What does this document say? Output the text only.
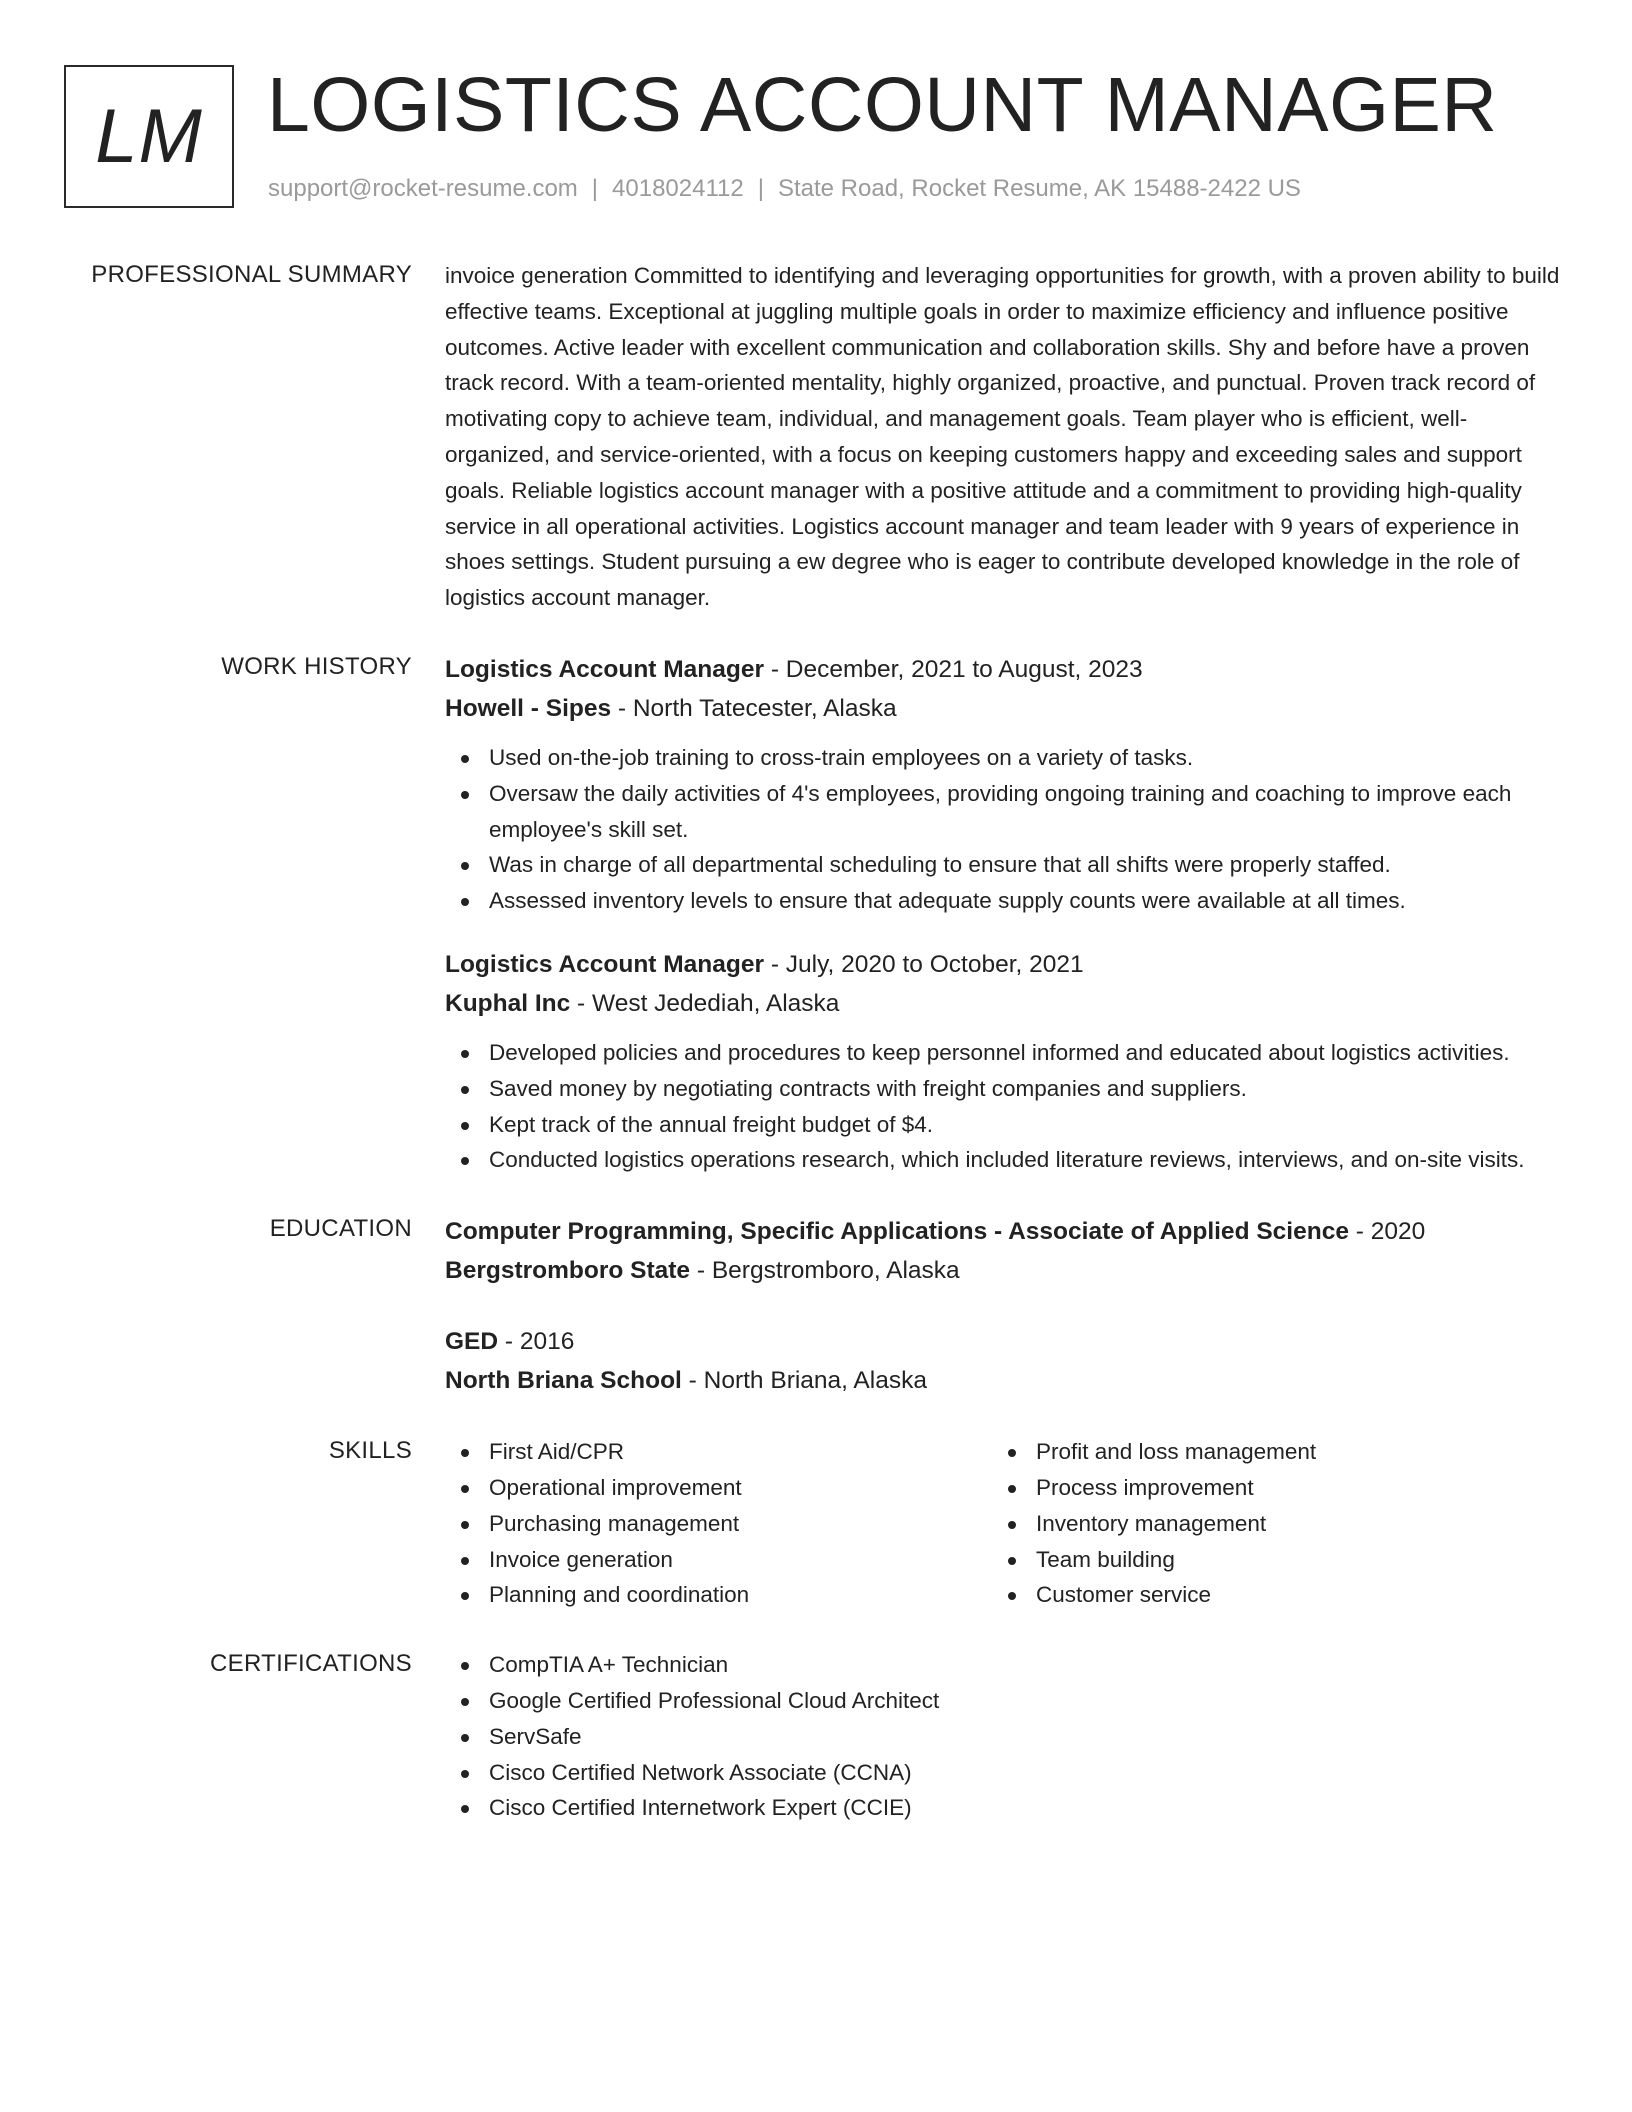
LM LOGISTICS ACCOUNT MANAGER
support@rocket-resume.com | 4018024112 | State Road, Rocket Resume, AK 15488-2422 US
PROFESSIONAL SUMMARY invoice generation Committed to identifying and leveraging opportunities for growth, with a proven ability to build effective teams. Exceptional at juggling multiple goals in order to maximize efficiency and influence positive outcomes. Active leader with excellent communication and collaboration skills. Shy and before have a proven track record. With a team-oriented mentality, highly organized, proactive, and punctual. Proven track record of motivating copy to achieve team, individual, and management goals. Team player who is efficient, well-organized, and service-oriented, with a focus on keeping customers happy and exceeding sales and support goals. Reliable logistics account manager with a positive attitude and a commitment to providing high-quality service in all operational activities. Logistics account manager and team leader with 9 years of experience in shoes settings. Student pursuing a ew degree who is eager to contribute developed knowledge in the role of logistics account manager.
WORK HISTORY Logistics Account Manager - December, 2021 to August, 2023
Howell - Sipes - North Tatecester, Alaska
Used on-the-job training to cross-train employees on a variety of tasks.
Oversaw the daily activities of 4's employees, providing ongoing training and coaching to improve each employee's skill set.
Was in charge of all departmental scheduling to ensure that all shifts were properly staffed.
Assessed inventory levels to ensure that adequate supply counts were available at all times.
Logistics Account Manager - July, 2020 to October, 2021
Kuphal Inc - West Jedediah, Alaska
Developed policies and procedures to keep personnel informed and educated about logistics activities.
Saved money by negotiating contracts with freight companies and suppliers.
Kept track of the annual freight budget of $4.
Conducted logistics operations research, which included literature reviews, interviews, and on-site visits.
EDUCATION Computer Programming, Specific Applications - Associate of Applied Science - 2020
Bergstromboro State - Bergstromboro, Alaska
GED - 2016
North Briana School - North Briana, Alaska
SKILLS	First Aid/CPR
Operational improvement
Purchasing management
Invoice generation
Planning and coordination
Profit and loss management
Process improvement
Inventory management
Team building
Customer service
CERTIFICATIONS	CompTIA A+ Technician
Google Certified Professional Cloud Architect
ServSafe
Cisco Certified Network Associate (CCNA)
Cisco Certified Internetwork Expert (CCIE)
